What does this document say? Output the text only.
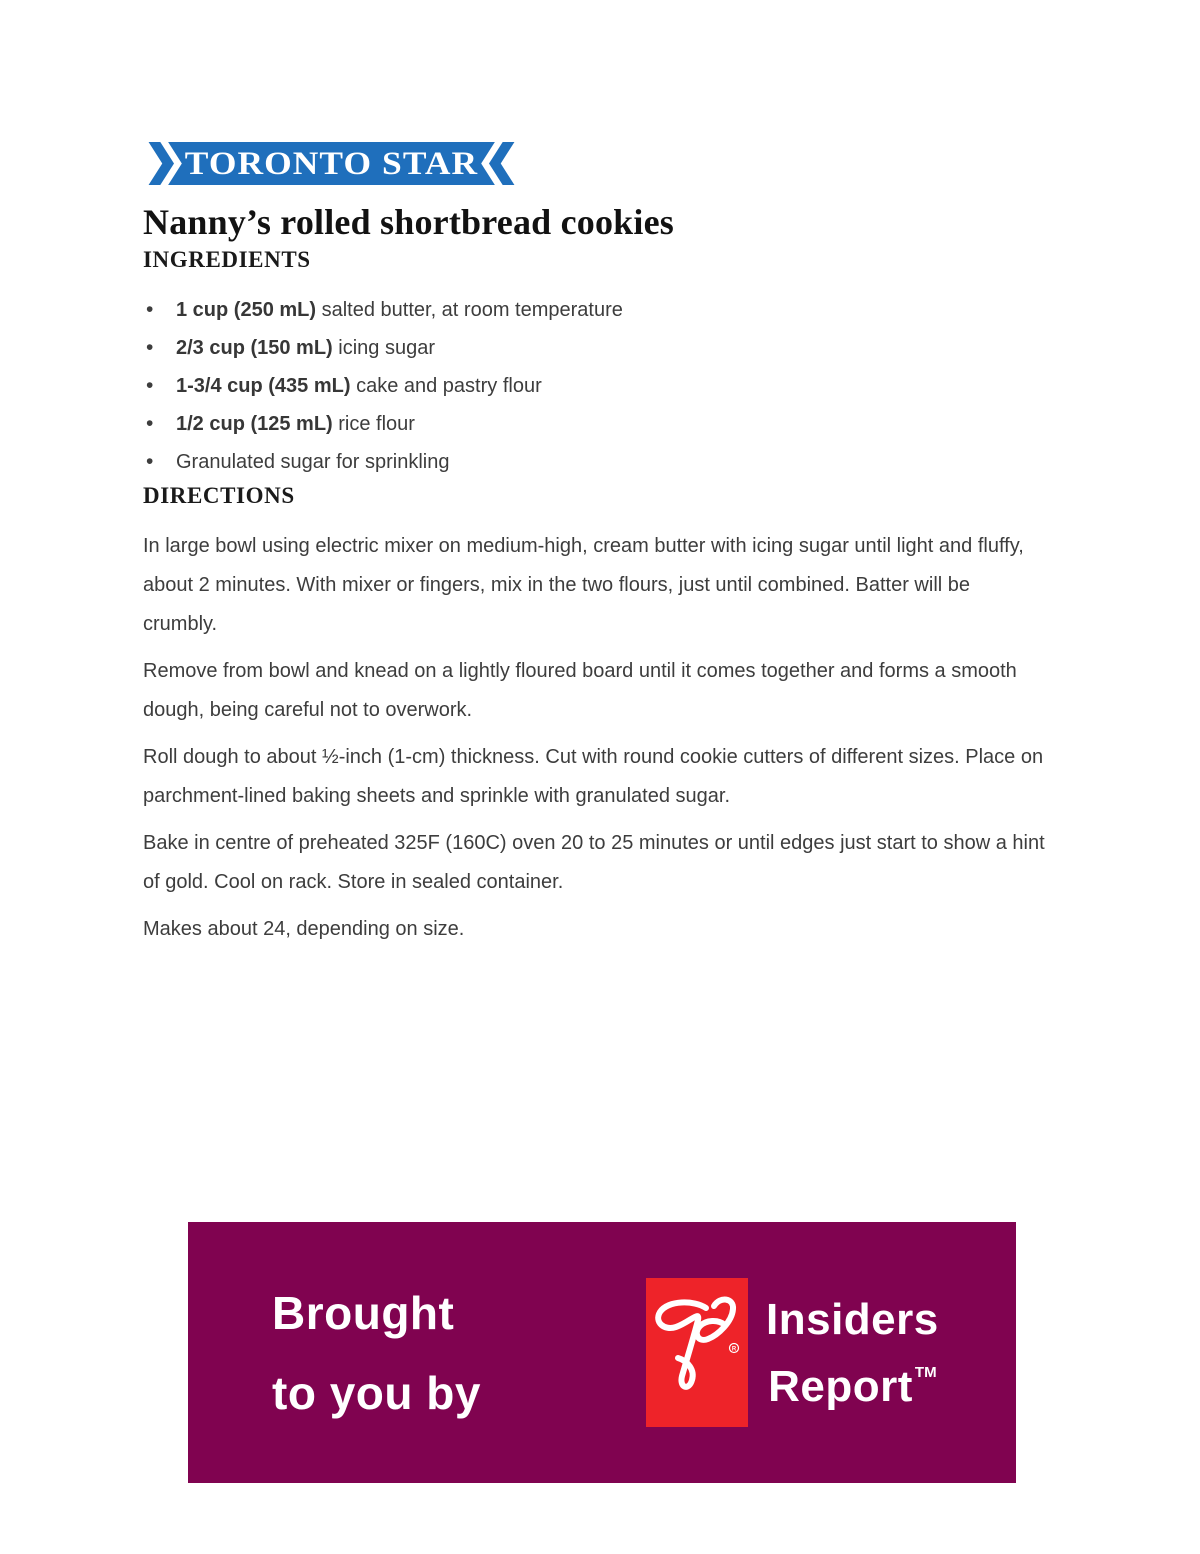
TORONTO STAR
Nanny’s rolled shortbread cookies
INGREDIENTS
• 1 cup (250 mL) salted butter, at room temperature
• 2/3 cup (150 mL) icing sugar
• 1-3/4 cup (435 mL) cake and pastry flour
• 1/2 cup (125 mL) rice flour
• Granulated sugar for sprinkling
DIRECTIONS

In large bowl using electric mixer on medium-high, cream butter with icing sugar until light and fluffy, about 2 minutes. With mixer or fingers, mix in the two flours, just until combined. Batter will be crumbly.

Remove from bowl and knead on a lightly floured board until it comes together and forms a smooth dough, being careful not to overwork.

Roll dough to about ½-inch (1-cm) thickness. Cut with round cookie cutters of different sizes. Place on parchment-lined baking sheets and sprinkle with granulated sugar.

Bake in centre of preheated 325F (160C) oven 20 to 25 minutes or until edges just start to show a hint of gold. Cool on rack. Store in sealed container.

Makes about 24, depending on size.

Brought
to you by
R
Insiders
Report ™
